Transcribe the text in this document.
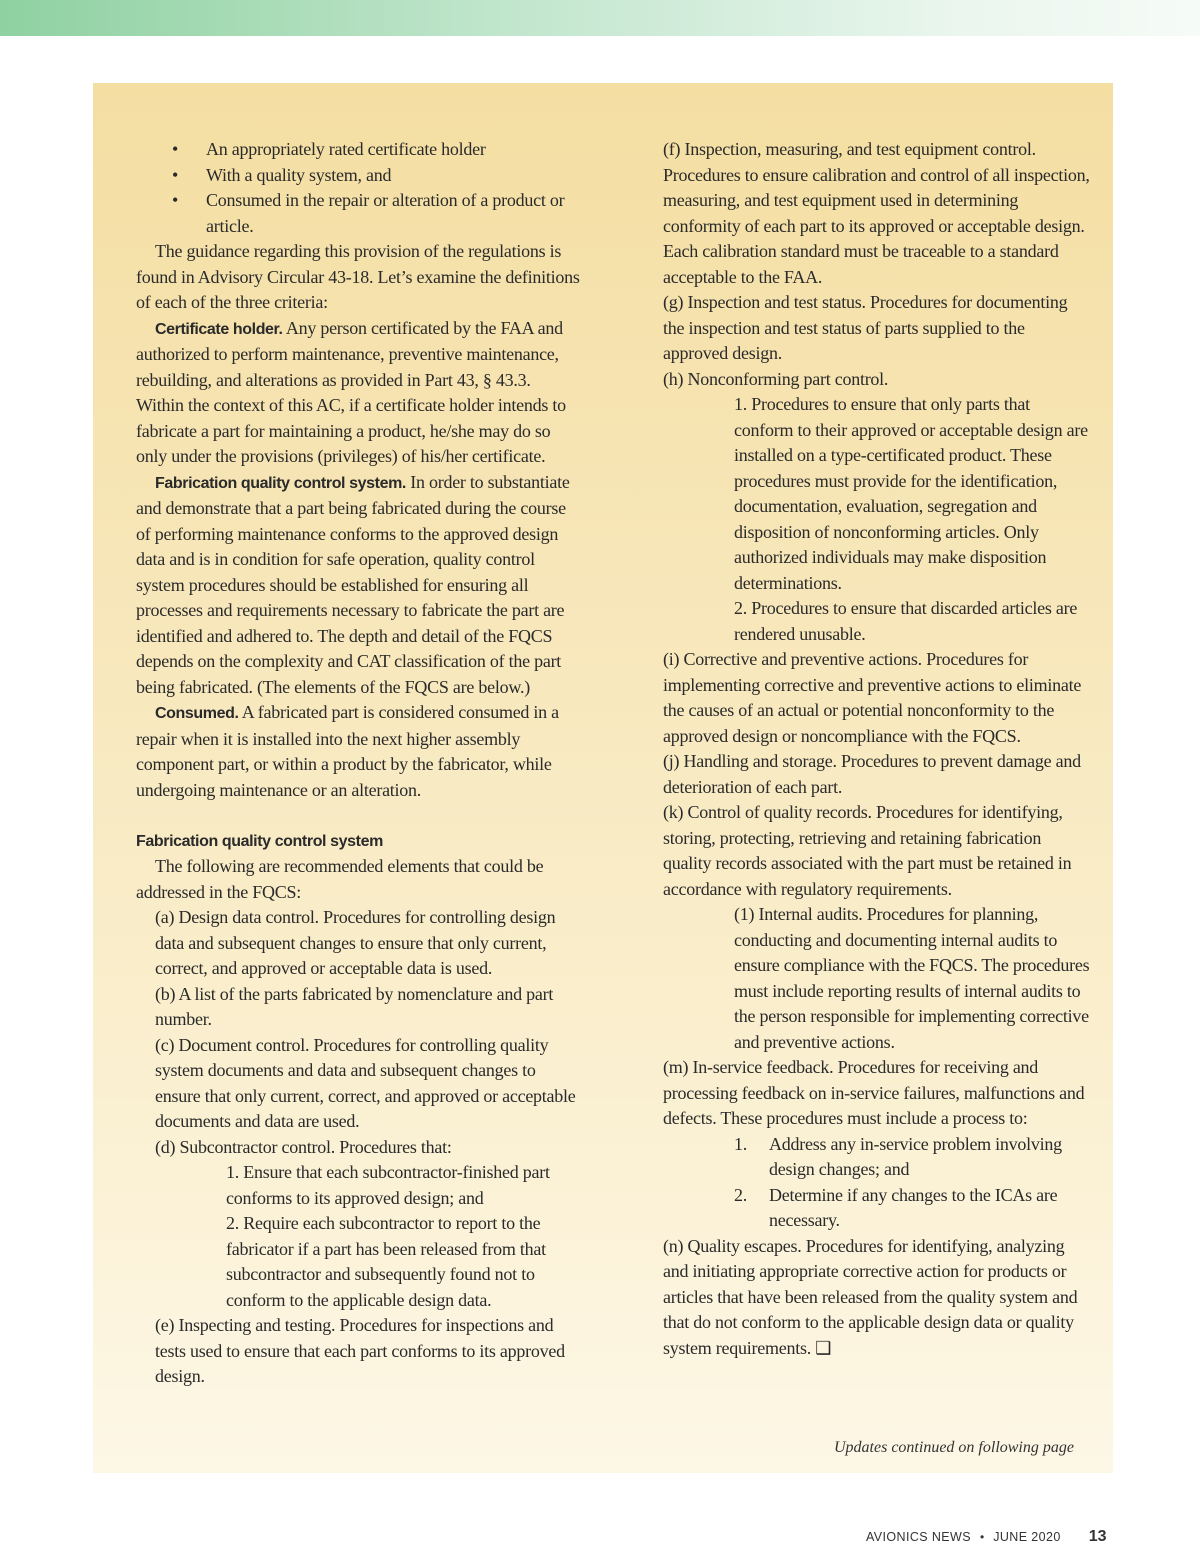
• An appropriately rated certificate holder
• With a quality system, and
• Consumed in the repair or alteration of a product or article.

The guidance regarding this provision of the regulations is found in Advisory Circular 43-18. Let’s examine the definitions of each of the three criteria:

Certificate holder. Any person certificated by the FAA and authorized to perform maintenance, preventive maintenance, rebuilding, and alterations as provided in Part 43, § 43.3. Within the context of this AC, if a certificate holder intends to fabricate a part for maintaining a product, he/she may do so only under the provisions (privileges) of his/her certificate.

Fabrication quality control system. In order to substantiate and demonstrate that a part being fabricated during the course of performing maintenance conforms to the approved design data and is in condition for safe operation, quality control system procedures should be established for ensuring all processes and requirements necessary to fabricate the part are identified and adhered to. The depth and detail of the FQCS depends on the complexity and CAT classification of the part being fabricated. (The elements of the FQCS are below.)

Consumed. A fabricated part is considered consumed in a repair when it is installed into the next higher assembly component part, or within a product by the fabricator, while undergoing maintenance or an alteration.

Fabrication quality control system

The following are recommended elements that could be addressed in the FQCS:

(a) Design data control. Procedures for controlling design data and subsequent changes to ensure that only current, correct, and approved or acceptable data is used.

(b) A list of the parts fabricated by nomenclature and part number.

(c) Document control. Procedures for controlling quality system documents and data and subsequent changes to ensure that only current, correct, and approved or acceptable documents and data are used.

(d) Subcontractor control. Procedures that:

1. Ensure that each subcontractor-finished part conforms to its approved design; and

2. Require each subcontractor to report to the fabricator if a part has been released from that subcontractor and subsequently found not to conform to the applicable design data.

(e) Inspecting and testing. Procedures for inspections and tests used to ensure that each part conforms to its approved design.

(f) Inspection, measuring, and test equipment control. Procedures to ensure calibration and control of all inspection, measuring, and test equipment used in determining conformity of each part to its approved or acceptable design. Each calibration standard must be traceable to a standard acceptable to the FAA.

(g) Inspection and test status. Procedures for documenting the inspection and test status of parts supplied to the approved design.

(h) Nonconforming part control.

1. Procedures to ensure that only parts that conform to their approved or acceptable design are installed on a type-certificated product. These procedures must provide for the identification, documentation, evaluation, segregation and disposition of nonconforming articles. Only authorized individuals may make disposition determinations.

2. Procedures to ensure that discarded articles are rendered unusable.

(i) Corrective and preventive actions. Procedures for implementing corrective and preventive actions to eliminate the causes of an actual or potential nonconformity to the approved design or noncompliance with the FQCS.

(j) Handling and storage. Procedures to prevent damage and deterioration of each part.

(k) Control of quality records. Procedures for identifying, storing, protecting, retrieving and retaining fabrication quality records associated with the part must be retained in accordance with regulatory requirements.

(1) Internal audits. Procedures for planning, conducting and documenting internal audits to ensure compliance with the FQCS. The procedures must include reporting results of internal audits to the person responsible for implementing corrective and preventive actions.

(m) In-service feedback. Procedures for receiving and processing feedback on in-service failures, malfunctions and defects. These procedures must include a process to:

1. Address any in-service problem involving design changes; and
2. Determine if any changes to the ICAs are necessary.

(n) Quality escapes. Procedures for identifying, analyzing and initiating appropriate corrective action for products or articles that have been released from the quality system and that do not conform to the applicable design data or quality system requirements. ❑

Updates continued on following page
AVIONICS NEWS • JUNE 2020 13
